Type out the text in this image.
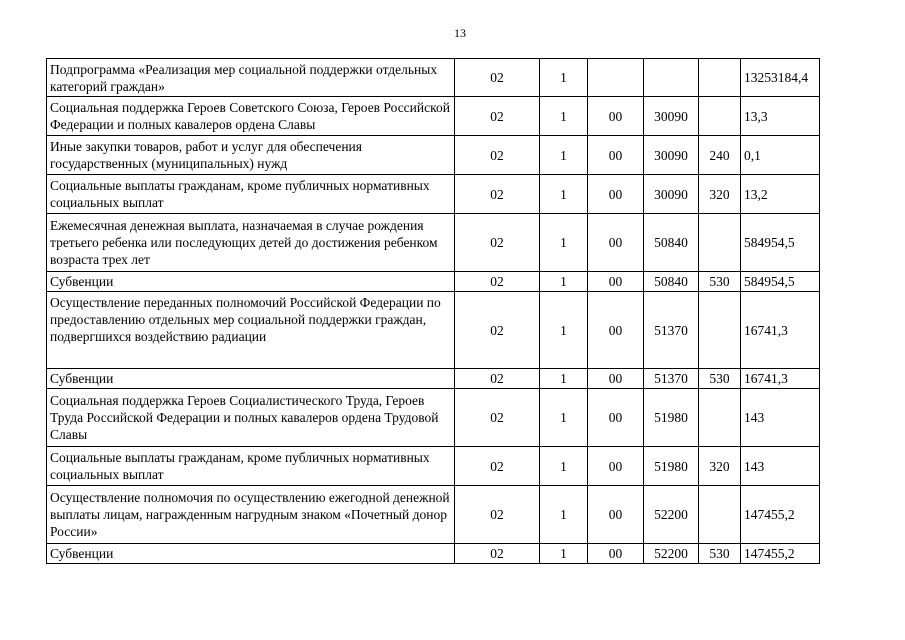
13
Подпрограмма «Реализация мер социальной поддержки отдельных категорий граждан»	02	1				13253184,4
Социальная поддержка Героев Советского Союза, Героев Российской Федерации и полных кавалеров ордена Славы	02	1	00	30090		13,3
Иные закупки товаров, работ и услуг для обеспечения государственных (муниципальных) нужд	02	1	00	30090	240	0,1
Социальные выплаты гражданам, кроме публичных нормативных социальных выплат	02	1	00	30090	320	13,2
Ежемесячная денежная выплата, назначаемая в случае рождения третьего ребенка или последующих детей до достижения ребенком возраста трех лет	02	1	00	50840		584954,5
Субвенции	02	1	00	50840	530	584954,5
Осуществление переданных полномочий Российской Федерации по предоставлению отдельных мер социальной поддержки граждан, подвергшихся воздействию радиации	02	1	00	51370		16741,3
Субвенции	02	1	00	51370	530	16741,3
Социальная поддержка Героев Социалистического Труда, Героев Труда Российской Федерации и полных кавалеров ордена Трудовой Славы	02	1	00	51980		143
Социальные выплаты гражданам, кроме публичных нормативных социальных выплат	02	1	00	51980	320	143
Осуществление полномочия по осуществлению ежегодной денежной выплаты лицам, награжденным нагрудным знаком «Почетный донор России»	02	1	00	52200		147455,2
Субвенции	02	1	00	52200	530	147455,2
